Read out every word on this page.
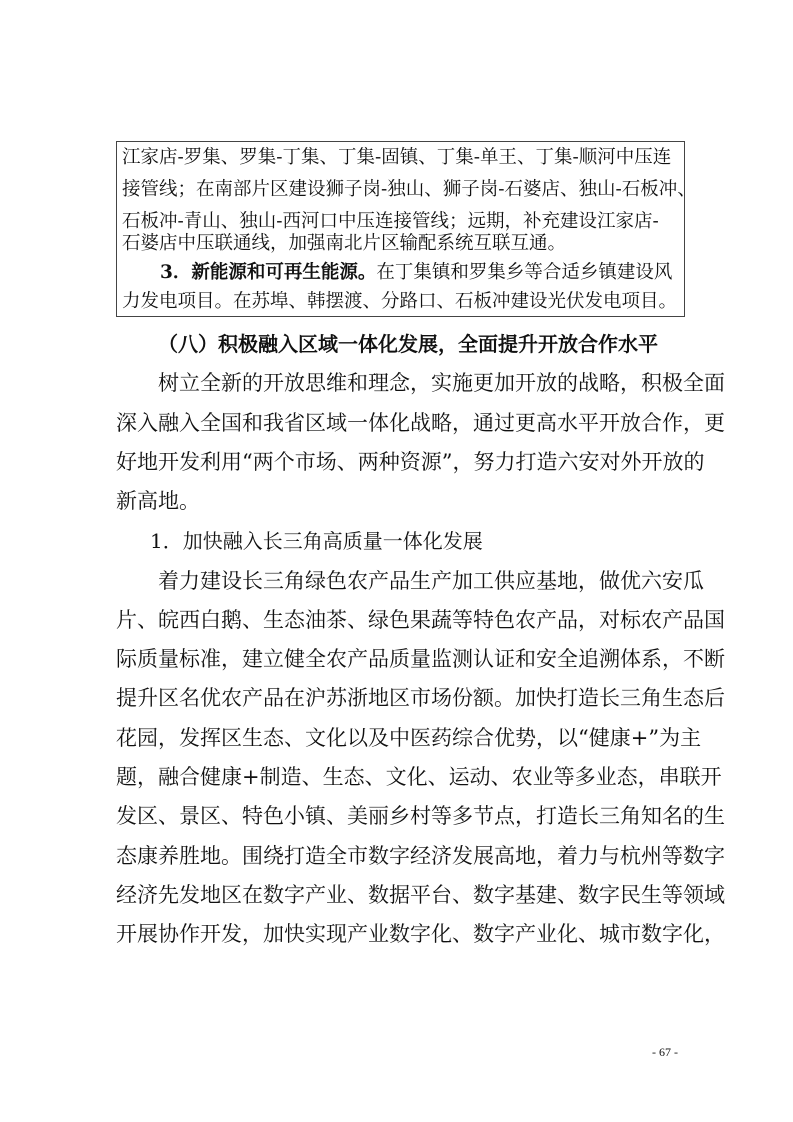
江家店-罗集、罗集-丁集、丁集-固镇、丁集-单王、丁集-顺河中压连

接管线；在南部片区建设狮子岗-独山、狮子岗-石婆店、独山-石板冲、

石板冲-青山、独山-西河口中压连接管线；远期，补充建设江家店-

石婆店中压联通线，加强南北片区输配系统互联互通。

3．新能源和可再生能源。在丁集镇和罗集乡等合适乡镇建设风

力发电项目。在苏埠、韩摆渡、分路口、石板冲建设光伏发电项目。

（八）积极融入区域一体化发展，全面提升开放合作水平

树立全新的开放思维和理念，实施更加开放的战略，积极全面

深入融入全国和我省区域一体化战略，通过更高水平开放合作，更

好地开发利用“两个市场、两种资源”，努力打造六安对外开放的

新高地。

1．加快融入长三角高质量一体化发展

着力建设长三角绿色农产品生产加工供应基地，做优六安瓜

片、皖西白鹅、生态油茶、绿色果蔬等特色农产品，对标农产品国

际质量标准，建立健全农产品质量监测认证和安全追溯体系，不断

提升区名优农产品在沪苏浙地区市场份额。加快打造长三角生态后

花园，发挥区生态、文化以及中医药综合优势，以“健康+”为主

题，融合健康+制造、生态、文化、运动、农业等多业态，串联开

发区、景区、特色小镇、美丽乡村等多节点，打造长三角知名的生

态康养胜地。围绕打造全市数字经济发展高地，着力与杭州等数字

经济先发地区在数字产业、数据平台、数字基建、数字民生等领域

开展协作开发，加快实现产业数字化、数字产业化、城市数字化，

- 67 -
